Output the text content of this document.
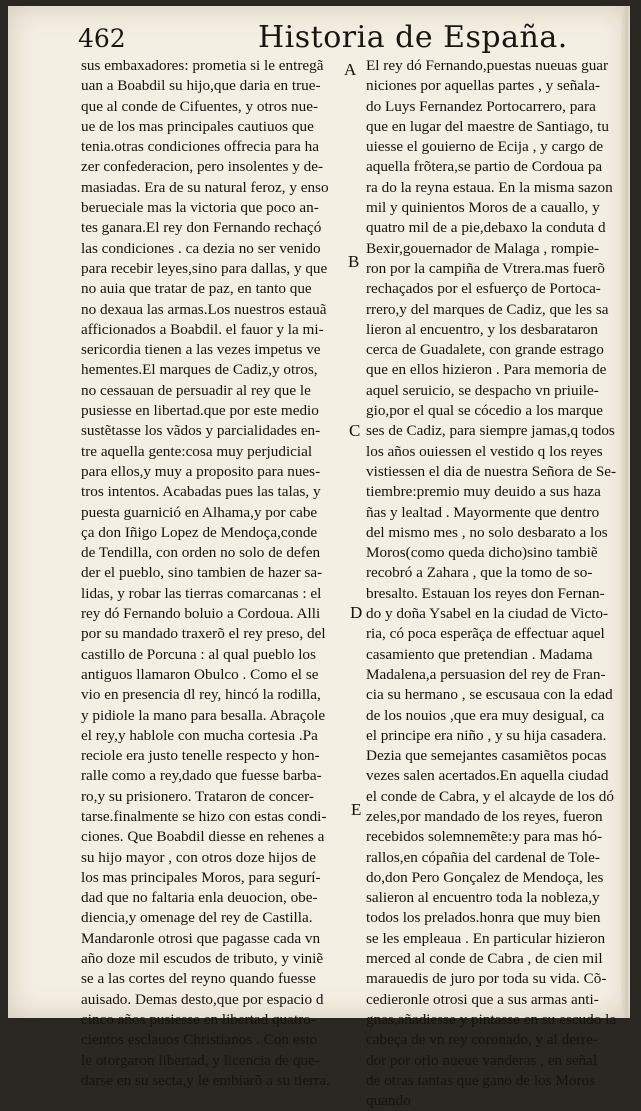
462	Historia de España.
sus embaxadores: prometia si le entregã
uan a Boabdil su hijo,que daria en true-
que al conde de Cifuentes, y otros nue-
ue de los mas principales cautiuos que
tenia.otras condiciones offrecia para ha
zer confederacion, pero insolentes y de-
masiadas. Era de su natural feroz, y enso
berueciale mas la victoria que poco an-
tes ganara.El rey don Fernando rechaçó
las condiciones . ca dezia no ser venido
para recebir leyes,sino para dallas, y que
no auia que tratar de paz, en tanto que
no dexaua las armas.Los nuestros estauã
afficionados a Boabdil. el fauor y la mi-
sericordia tienen a las vezes impetus ve
hementes.El marques de Cadiz,y otros,
no cessauan de persuadir al rey que le
pusiesse en libertad.que por este medio
sustẽtasse los vãdos y parcialidades en-
tre aquella gente:cosa muy perjudicial
para ellos,y muy a proposito para nues-
tros intentos. Acabadas pues las talas, y
puesta guarnició en Alhama,y por cabe
ça don Iñigo Lopez de Mendoça,conde
de Tendilla, con orden no solo de defen
der el pueblo, sino tambien de hazer sa-
lidas, y robar las tierras comarcanas : el
rey dó Fernando boluio a Cordoua. Alli
por su mandado traxerõ el rey preso, del
castillo de Porcuna : al qual pueblo los
antiguos llamaron Obulco . Como el se
vio en presencia dl rey, hincó la rodilla,
y pidiole la mano para besalla. Abraçole
el rey,y hablole con mucha cortesia .Pa
reciole era justo tenelle respecto y hon-
ralle como a rey,dado que fuesse barba-
ro,y su prisionero. Trataron de concer-
tarse.finalmente se hizo con estas condi-
ciones. Que Boabdil diesse en rehenes a
su hijo mayor , con otros doze hijos de
los mas principales Moros, para segurí-
dad que no faltaria enla deuocion, obe-
diencia,y omenage del rey de Castilla.
Mandaronle otrosi que pagasse cada vn
año doze mil escudos de tributo, y viniẽ
se a las cortes del reyno quando fuesse
auisado. Demas desto,que por espacio d
cinco años pusiesse en libertad quatro-
cientos esclauos Christianos . Con esto
le otorgaron libertad, y licencia de que-
darse en su secta,y le embiarõ a su tierra.
El rey dó Fernando,puestas nueuas guar
niciones por aquellas partes , y señala-
do Luys Fernandez Portocarrero, para
que en lugar del maestre de Santiago, tu
uiesse el gouierno de Ecija , y cargo de
aquella frõtera,se partio de Cordoua pa
ra do la reyna estaua. En la misma sazon
mil y quinientos Moros de a cauallo, y
quatro mil de a pie,debaxo la conduta d
Bexir,gouernador de Malaga , rompie-
ron por la campiña de Vtrera.mas fuerõ
rechaçados por el esfuerço de Portoca-
rrero,y del marques de Cadiz, que les sa
lieron al encuentro, y los desbarataron
cerca de Guadalete, con grande estrago
que en ellos hizieron . Para memoria de
aquel seruicio, se despacho vn priuile-
gio,por el qual se cócedio a los marque
ses de Cadiz, para siempre jamas,q todos
los años ouiessen el vestido q los reyes
vistiessen el dia de nuestra Señora de Se-
tiembre:premio muy deuido a sus haza
ñas y lealtad . Mayormente que dentro
del mismo mes , no solo desbarato a los
Moros(como queda dicho)sino tambiẽ
recobró a Zahara , que la tomo de so-
bresalto. Estauan los reyes don Fernan-
do y doña Ysabel en la ciudad de Victo-
ria, có poca esperãça de effectuar aquel
casamiento que pretendian . Madama
Madalena,a persuasion del rey de Fran-
cia su hermano , se escusaua con la edad
de los nouios ,que era muy desigual, ca
el principe era niño , y su hija casadera.
Dezia que semejantes casamiẽtos pocas
vezes salen acertados.En aquella ciudad
el conde de Cabra, y el alcayde de los dó
zeles,por mandado de los reyes, fueron
recebidos solemnemẽte:y para mas hó-
rallos,en cópañia del cardenal de Tole-
do,don Pero Gonçalez de Mendoça, les
salieron al encuentro toda la nobleza,y
todos los prelados.honra que muy bien
se les empleaua . En particular hizieron
merced al conde de Cabra , de cien mil
marauedis de juro por toda su vida. Cõ-
cedieronle otrosi que a sus armas anti-
gnas,añadiesse y pintasse en su escudo la
cabeça de vn rey coronado, y al derre-
dor por orlo nueue vanderas , en señal
de otras tantas que gano de los Moros
quando
A
B
C
D
E
